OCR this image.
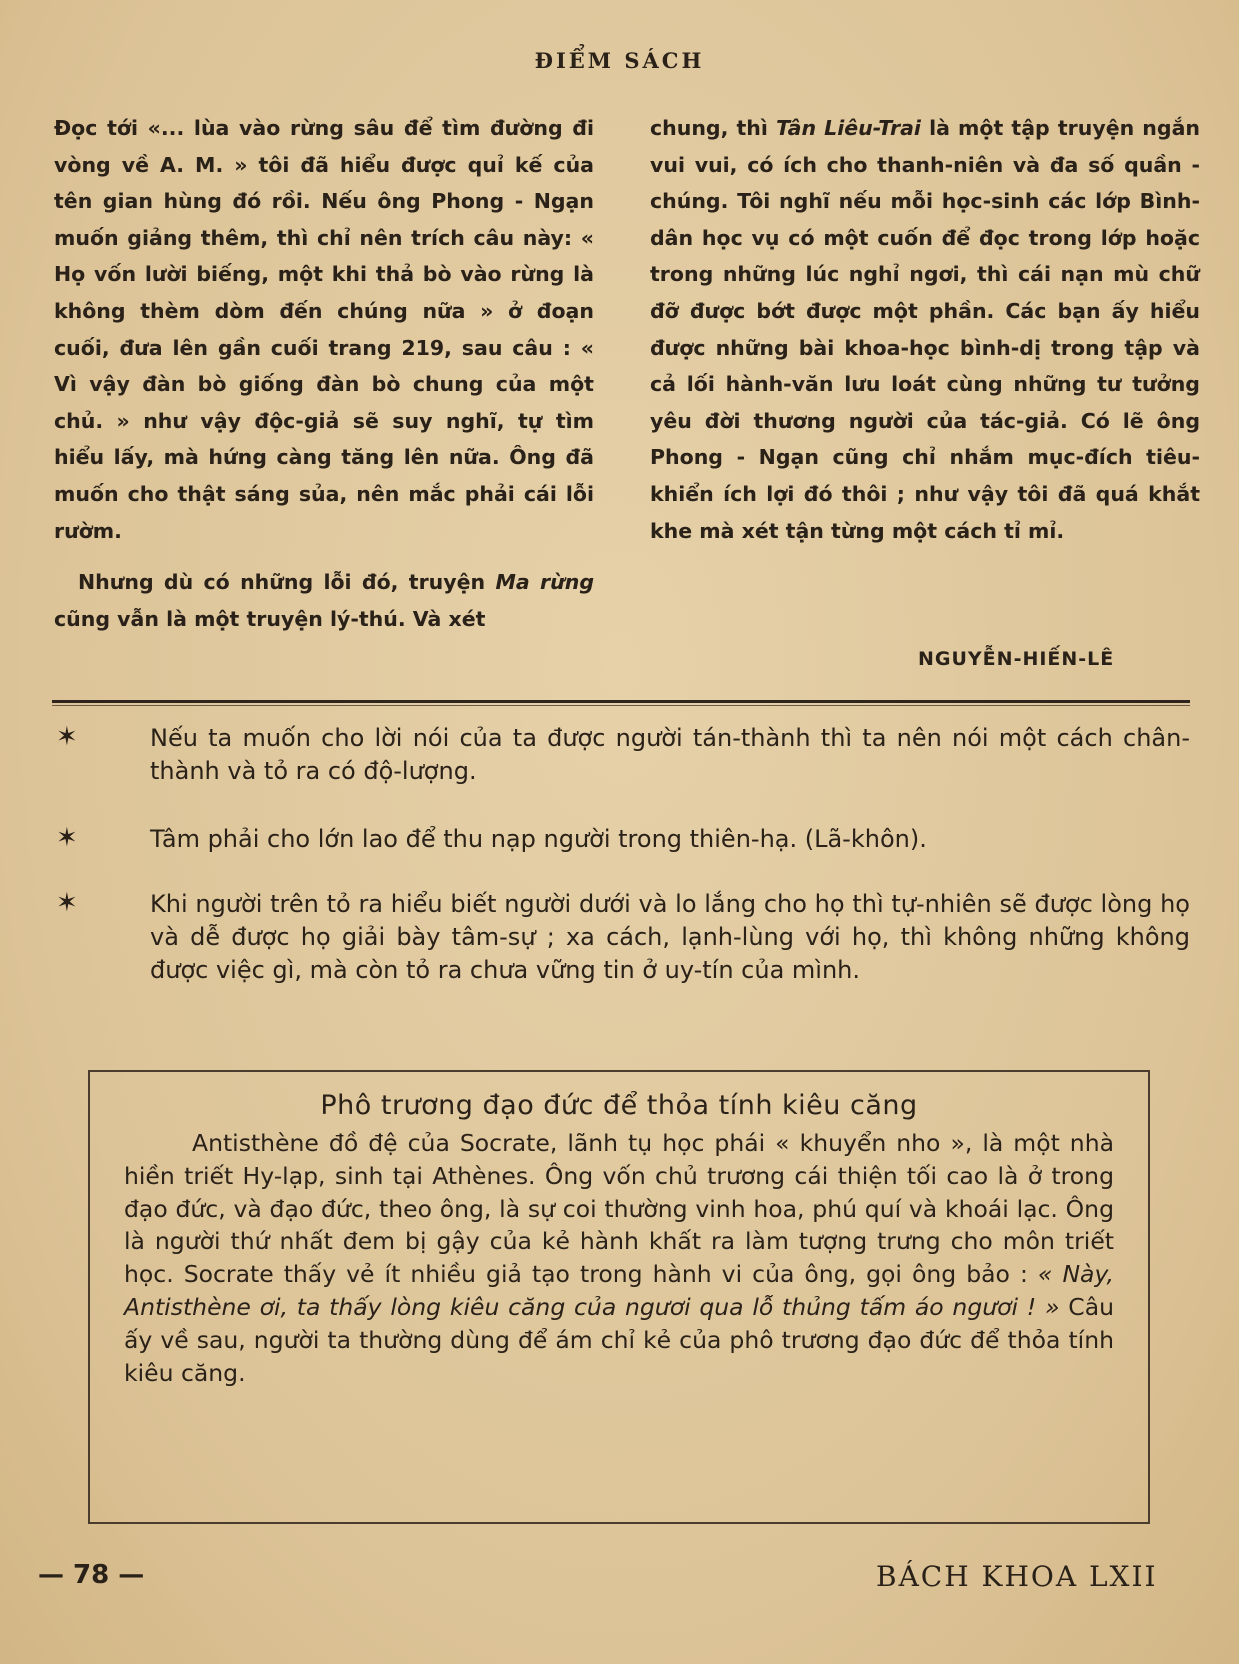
ĐIỂM SÁCH

Đọc tới «... lùa vào rừng sâu để tìm đường đi vòng về A. M. » tôi đã hiểu được quỉ kế của tên gian hùng đó rồi. Nếu ông Phong - Ngạn muốn giảng thêm, thì chỉ nên trích câu này: « Họ vốn lười biếng, một khi thả bò vào rừng là không thèm dòm đến chúng nữa » ở đoạn cuối, đưa lên gần cuối trang 219, sau câu : « Vì vậy đàn bò giống đàn bò chung của một chủ. » như vậy độc-giả sẽ suy nghĩ, tự tìm hiểu lấy, mà hứng càng tăng lên nữa. Ông đã muốn cho thật sáng sủa, nên mắc phải cái lỗi rườm.

Nhưng dù có những lỗi đó, truyện Ma rừng cũng vẫn là một truyện lý-thú. Và xét

chung, thì Tân Liêu-Trai là một tập truyện ngắn vui vui, có ích cho thanh-niên và đa số quần - chúng. Tôi nghĩ nếu mỗi học-sinh các lớp Bình-dân học vụ có một cuốn để đọc trong lớp hoặc trong những lúc nghỉ ngơi, thì cái nạn mù chữ đỡ được bớt được một phần. Các bạn ấy hiểu được những bài khoa-học bình-dị trong tập và cả lối hành-văn lưu loát cùng những tư tưởng yêu đời thương người của tác-giả. Có lẽ ông Phong - Ngạn cũng chỉ nhắm mục-đích tiêu-khiển ích lợi đó thôi ; như vậy tôi đã quá khắt khe mà xét tận từng một cách tỉ mỉ.

NGUYỄN-HIẾN-LÊ
✶	Nếu ta muốn cho lời nói của ta được người tán-thành thì ta nên nói một cách chân-thành và tỏ ra có độ-lượng.
✶	Tâm phải cho lớn lao để thu nạp người trong thiên-hạ. (Lã-khôn).
✶	Khi người trên tỏ ra hiểu biết người dưới và lo lắng cho họ thì tự-nhiên sẽ được lòng họ và dễ được họ giải bày tâm-sự ; xa cách, lạnh-lùng với họ, thì không những không được việc gì, mà còn tỏ ra chưa vững tin ở uy-tín của mình.

Phô trương đạo đức để thỏa tính kiêu căng

Antisthène đồ đệ của Socrate, lãnh tụ học phái « khuyển nho », là một nhà hiền triết Hy-lạp, sinh tại Athènes. Ông vốn chủ trương cái thiện tối cao là ở trong đạo đức, và đạo đức, theo ông, là sự coi thường vinh hoa, phú quí và khoái lạc. Ông là người thứ nhất đem bị gậy của kẻ hành khất ra làm tượng trưng cho môn triết học. Socrate thấy vẻ ít nhiều giả tạo trong hành vi của ông, gọi ông bảo : « Này, Antisthène ơi, ta thấy lòng kiêu căng của ngươi qua lỗ thủng tấm áo ngươi ! » Câu ấy về sau, người ta thường dùng để ám chỉ kẻ của phô trương đạo đức để thỏa tính kiêu căng.

— 78 —	BÁCH KHOA LXII
